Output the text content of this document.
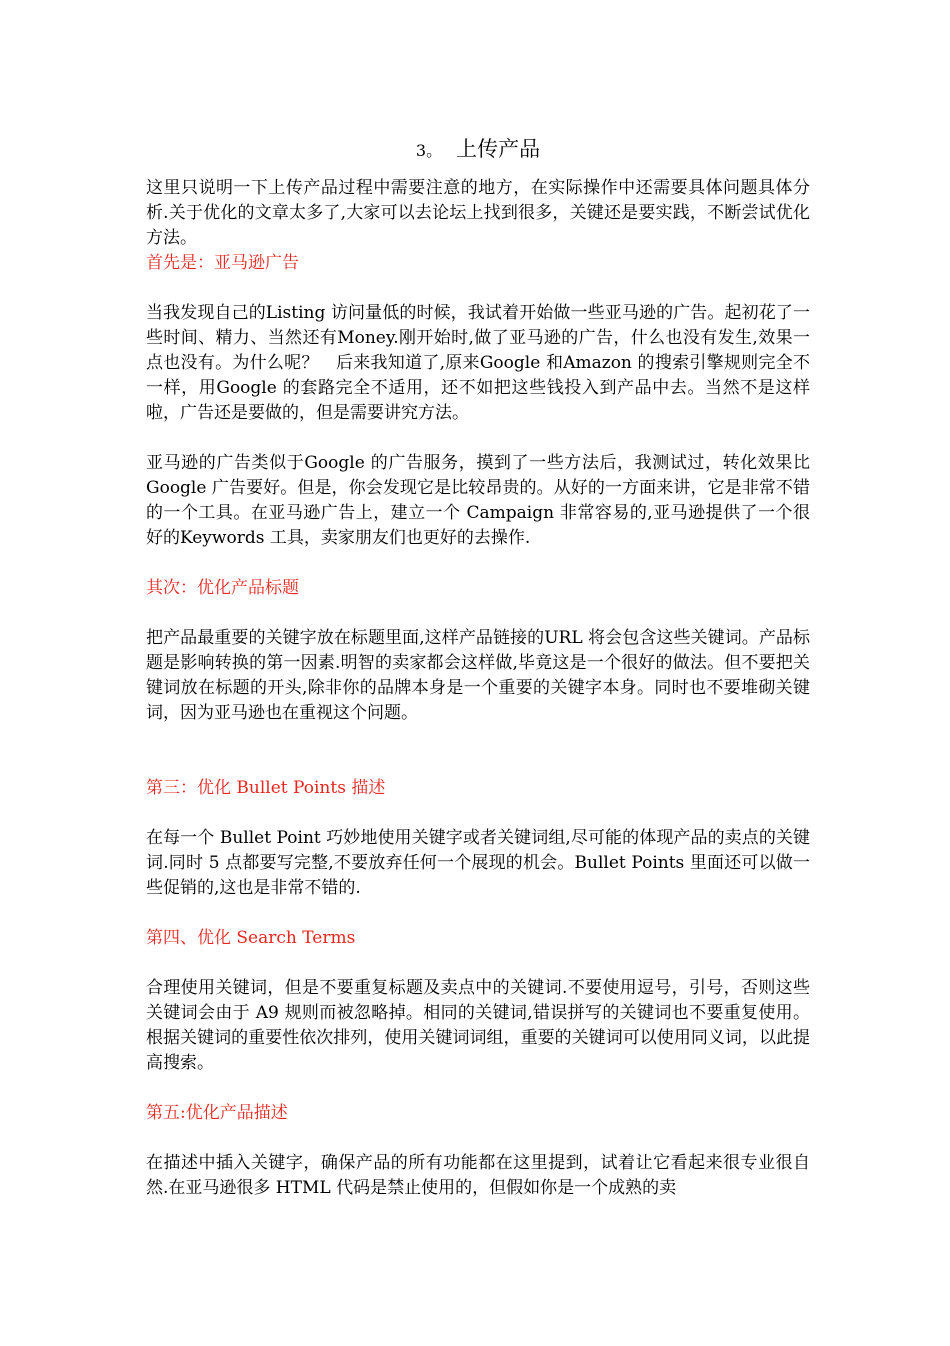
3。 上传产品

这里只说明一下上传产品过程中需要注意的地方，在实际操作中还需要具体问题具体分析.关于优化的文章太多了,大家可以去论坛上找到很多，关键还是要实践，不断尝试优化方法。

首先是：亚马逊广告

当我发现自己的Listing 访问量低的时候，我试着开始做一些亚马逊的广告。起初花了一些时间、精力、当然还有Money.刚开始时,做了亚马逊的广告，什么也没有发生,效果一点也没有。为什么呢？　后来我知道了,原来Google 和Amazon 的搜索引擎规则完全不一样，用Google 的套路完全不适用，还不如把这些钱投入到产品中去。当然不是这样啦，广告还是要做的，但是需要讲究方法。

亚马逊的广告类似于Google 的广告服务，摸到了一些方法后，我测试过，转化效果比Google 广告要好。但是，你会发现它是比较昂贵的。从好的一方面来讲，它是非常不错的一个工具。在亚马逊广告上，建立一个 Campaign 非常容易的,亚马逊提供了一个很好的Keywords 工具，卖家朋友们也更好的去操作.

其次：优化产品标题

把产品最重要的关键字放在标题里面,这样产品链接的URL 将会包含这些关键词。产品标题是影响转换的第一因素.明智的卖家都会这样做,毕竟这是一个很好的做法。但不要把关键词放在标题的开头,除非你的品牌本身是一个重要的关键字本身。同时也不要堆砌关键词，因为亚马逊也在重视这个问题。

第三：优化 Bullet Points 描述

在每一个 Bullet Point 巧妙地使用关键字或者关键词组,尽可能的体现产品的卖点的关键词.同时 5 点都要写完整,不要放弃任何一个展现的机会。Bullet Points 里面还可以做一些促销的,这也是非常不错的.

第四、优化 Search Terms

合理使用关键词，但是不要重复标题及卖点中的关键词.不要使用逗号，引号，否则这些关键词会由于 A9 规则而被忽略掉。相同的关键词,错误拼写的关键词也不要重复使用。根据关键词的重要性依次排列，使用关键词词组，重要的关键词可以使用同义词，以此提高搜索。

第五:优化产品描述

在描述中插入关键字，确保产品的所有功能都在这里提到，试着让它看起来很专业很自然.在亚马逊很多 HTML 代码是禁止使用的，但假如你是一个成熟的卖
